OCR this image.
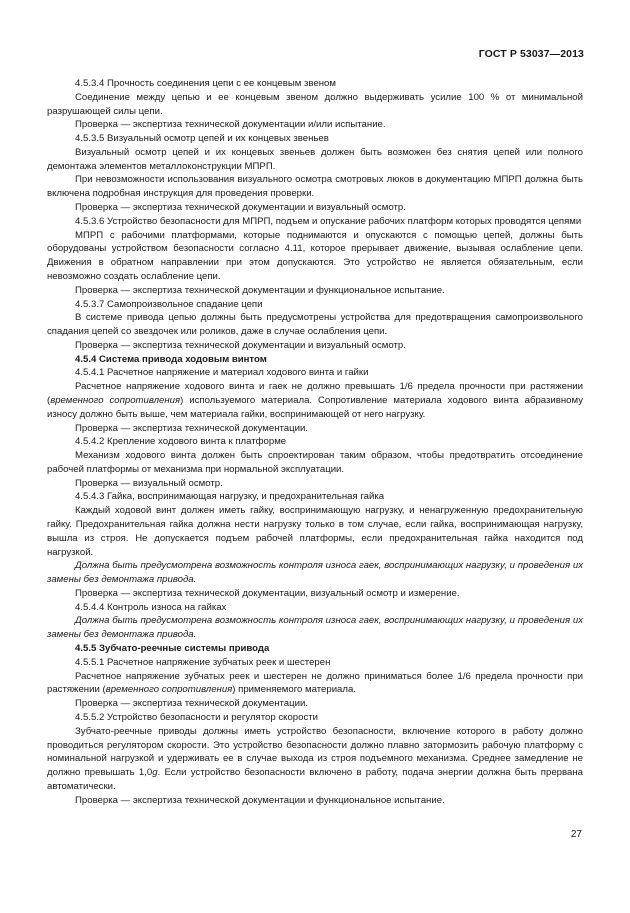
ГОСТ Р 53037—2013

4.5.3.4 Прочность соединения цепи с ее концевым звеном

Соединение между цепью и ее концевым звеном должно выдерживать усилие 100 % от минимальной разрушающей силы цепи.

Проверка — экспертиза технической документации и/или испытание.

4.5.3.5 Визуальный осмотр цепей и их концевых звеньев

Визуальный осмотр цепей и их концевых звеньев должен быть возможен без снятия цепей или полного демонтажа элементов металлоконструкции МПРП.

При невозможности использования визуального осмотра смотровых люков в документацию МПРП должна быть включена подробная инструкция для проведения проверки.

Проверка — экспертиза технической документации и визуальный осмотр.

4.5.3.6 Устройство безопасности для МПРП, подъем и опускание рабочих платформ которых проводятся цепями

МПРП с рабочими платформами, которые поднимаются и опускаются с помощью цепей, должны быть оборудованы устройством безопасности согласно 4.11, которое прерывает движение, вызывая ослабление цепи. Движения в обратном направлении при этом допускаются. Это устройство не является обязательным, если невозможно создать ослабление цепи.

Проверка — экспертиза технической документации и функциональное испытание.

4.5.3.7 Самопроизвольное спадание цепи

В системе привода цепью должны быть предусмотрены устройства для предотвращения самопроизвольного спадания цепей со звездочек или роликов, даже в случае ослабления цепи.

Проверка — экспертиза технической документации и визуальный осмотр.

4.5.4 Система привода ходовым винтом

4.5.4.1 Расчетное напряжение и материал ходового винта и гайки

Расчетное напряжение ходового винта и гаек не должно превышать 1/6 предела прочности при растяжении (временного сопротивления) используемого материала. Сопротивление материала ходового винта абразивному износу должно быть выше, чем материала гайки, воспринимающей от него нагрузку.

Проверка — экспертиза технической документации.

4.5.4.2 Крепление ходового винта к платформе

Механизм ходового винта должен быть спроектирован таким образом, чтобы предотвратить отсоединение рабочей платформы от механизма при нормальной эксплуатации.

Проверка — визуальный осмотр.

4.5.4.3 Гайка, воспринимающая нагрузку, и предохранительная гайка

Каждый ходовой винт должен иметь гайку, воспринимающую нагрузку, и ненагруженную предохранительную гайку. Предохранительная гайка должна нести нагрузку только в том случае, если гайка, воспринимающая нагрузку, вышла из строя. Не допускается подъем рабочей платформы, если предохранительная гайка находится под нагрузкой.

Должна быть предусмотрена возможность контроля износа гаек, воспринимающих нагрузку, и проведения их замены без демонтажа привода.

Проверка — экспертиза технической документации, визуальный осмотр и измерение.

4.5.4.4 Контроль износа на гайках

Должна быть предусмотрена возможность контроля износа гаек, воспринимающих нагрузку, и проведения их замены без демонтажа привода.

4.5.5 Зубчато-реечные системы привода

4.5.5.1 Расчетное напряжение зубчатых реек и шестерен

Расчетное напряжение зубчатых реек и шестерен не должно приниматься более 1/6 предела прочности при растяжении (временного сопротивления) применяемого материала.

Проверка — экспертиза технической документации.

4.5.5.2 Устройство безопасности и регулятор скорости

Зубчато-реечные приводы должны иметь устройство безопасности, включение которого в работу должно проводиться регулятором скорости. Это устройство безопасности должно плавно затормозить рабочую платформу с номинальной нагрузкой и удерживать ее в случае выхода из строя подъемного механизма. Среднее замедление не должно превышать 1,0g. Если устройство безопасности включено в работу, подача энергии должна быть прервана автоматически.

Проверка — экспертиза технической документации и функциональное испытание.

27
